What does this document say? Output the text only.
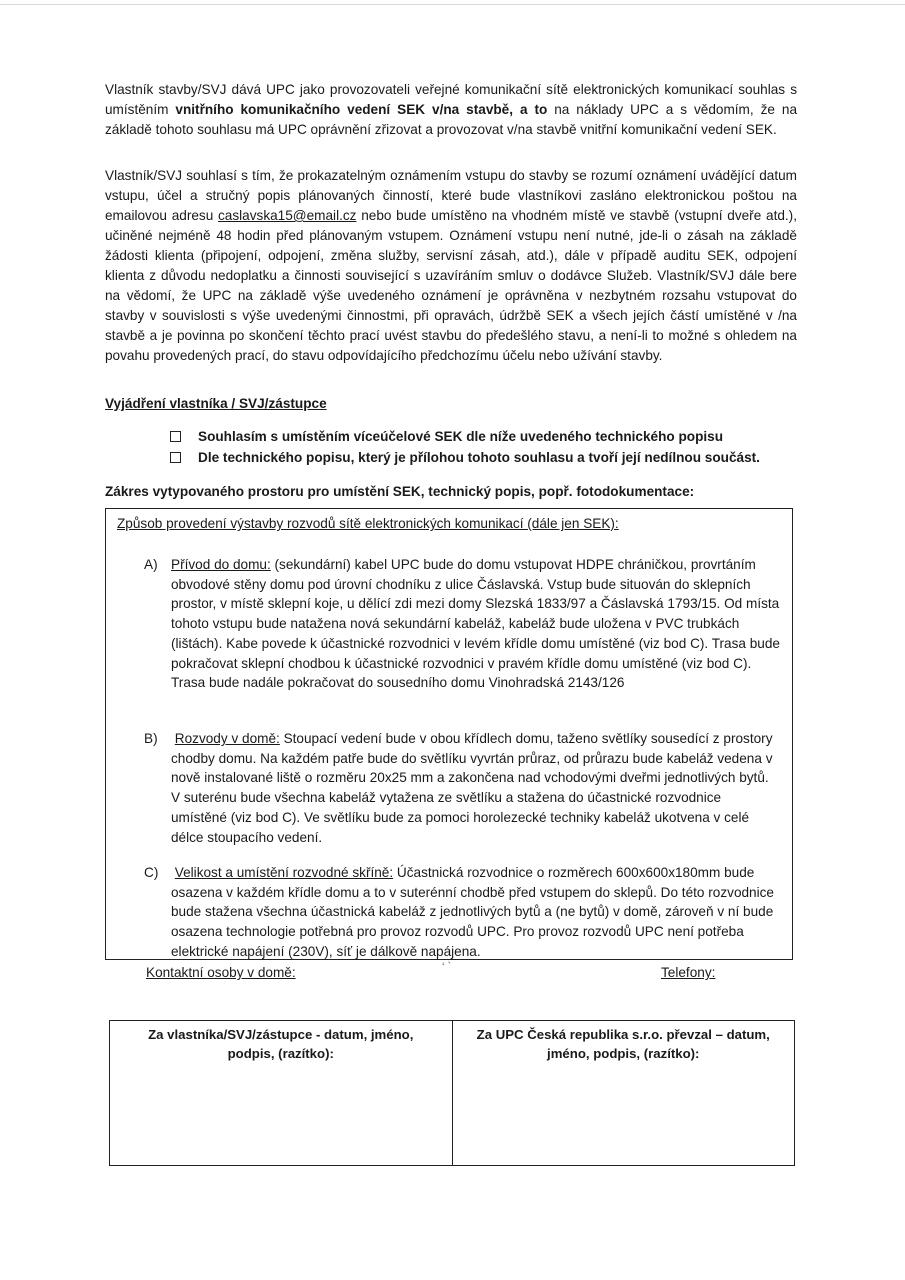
Vlastník stavby/SVJ dává UPC jako provozovateli veřejné komunikační sítě elektronických komunikací souhlas s umístěním vnitřního komunikačního vedení SEK v/na stavbě, a to na náklady UPC a s vědomím, že na základě tohoto souhlasu má UPC oprávnění zřizovat a provozovat v/na stavbě vnitřní komunikační vedení SEK.

Vlastník/SVJ souhlasí s tím, že prokazatelným oznámením vstupu do stavby se rozumí oznámení uvádějící datum vstupu, účel a stručný popis plánovaných činností, které bude vlastníkovi zasláno elektronickou poštou na emailovou adresu caslavska15@email.cz nebo bude umístěno na vhodném místě ve stavbě (vstupní dveře atd.), učiněné nejméně 48 hodin před plánovaným vstupem. Oznámení vstupu není nutné, jde-li o zásah na základě žádosti klienta (připojení, odpojení, změna služby, servisní zásah, atd.), dále v případě auditu SEK, odpojení klienta z důvodu nedoplatku a činnosti související s uzavíráním smluv o dodávce Služeb. Vlastník/SVJ dále bere na vědomí, že UPC na základě výše uvedeného oznámení je oprávněna v nezbytném rozsahu vstupovat do stavby v souvislosti s výše uvedenými činnostmi, při opravách, údržbě SEK a všech jejích částí umístěné v /na stavbě a je povinna po skončení těchto prací uvést stavbu do předešlého stavu, a není-li to možné s ohledem na povahu provedených prací, do stavu odpovídajícího předchozímu účelu nebo užívání stavby.

Vyjádření vlastníka / SVJ/zástupce

Souhlasím s umístěním víceúčelové SEK dle níže uvedeného technického popisu
Dle technického popisu, který je přílohou tohoto souhlasu a tvoří její nedílnou součást.

Zákres vytypovaného prostoru pro umístění SEK, technický popis, popř. fotodokumentace:

Způsob provedení výstavby rozvodů sítě elektronických komunikací (dále jen SEK):

A) Přívod do domu: (sekundární) kabel UPC bude do domu vstupovat HDPE chráničkou, provrtáním obvodové stěny domu pod úrovní chodníku z ulice Čáslavská. Vstup bude situován do sklepních prostor, v místě sklepní koje, u dělící zdi mezi domy Slezská 1833/97 a Čáslavská 1793/15. Od místa tohoto vstupu bude natažena nová sekundární kabeláž, kabeláž bude uložena v PVC trubkách (lištách). Kabe povede k účastnické rozvodnici v levém křídle domu umístěné (viz bod C). Trasa bude pokračovat sklepní chodbou k účastnické rozvodnici v pravém křídle domu umístěné (viz bod C). Trasa bude nadále pokračovat do sousedního domu Vinohradská 2143/126
B) Rozvody v domě: Stoupací vedení bude v obou křídlech domu, taženo světlíky sousedící z prostory chodby domu. Na každém patře bude do světlíku vyvrtán průraz, od průrazu bude kabeláž vedena v nově instalované liště o rozměru 20x25 mm a zakončena nad vchodovými dveřmi jednotlivých bytů. V suterénu bude všechna kabeláž vytažena ze světlíku a stažena do účastnické rozvodnice umístěné (viz bod C). Ve světlíku bude za pomoci horolezecké techniky kabeláž ukotvena v celé délce stoupacího vedení.
C) Velikost a umístění rozvodné skříně: Účastnická rozvodnice o rozměrech 600x600x180mm bude osazena v každém křídle domu a to v suterénní chodbě před vstupem do sklepů. Do této rozvodnice bude stažena všechna účastnická kabeláž z jednotlivých bytů a (ne bytů) v domě, zároveň v ní bude osazena technologie potřebná pro provoz rozvodů UPC. Pro provoz rozvodů UPC není potřeba elektrické napájení (230V), síť je dálkově napájena.
‘ `
Kontaktní osoby v domě:	Telefony:
Za vlastníka/SVJ/zástupce - datum, jméno, podpis, (razítko):
Za UPC Česká republika s.r.o. převzal – datum, jméno, podpis, (razítko):
